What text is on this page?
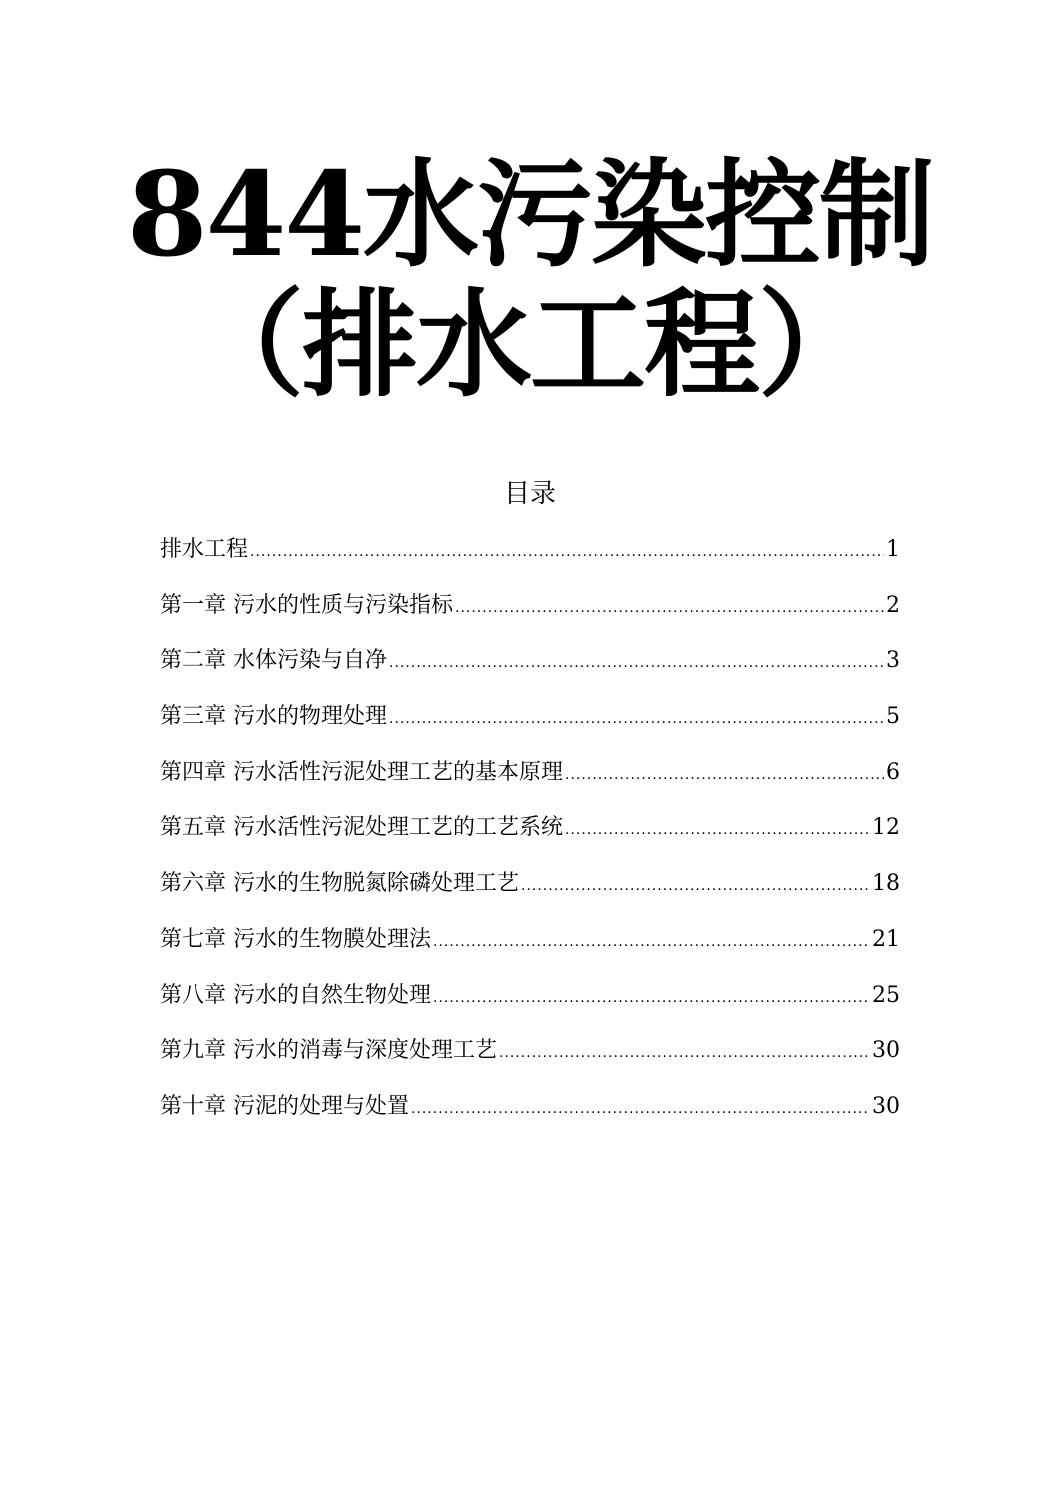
844水污染控制
（排水工程）
目录
排水工程 .....	1
第一章 污水的性质与污染指标 .....	2
第二章 水体污染与自净 .....	3
第三章 污水的物理处理 .....	5
第四章 污水活性污泥处理工艺的基本原理 .....	6
第五章 污水活性污泥处理工艺的工艺系统 .....	12
第六章 污水的生物脱氮除磷处理工艺 .....	18
第七章 污水的生物膜处理法 .....	21
第八章 污水的自然生物处理 .....	25
第九章 污水的消毒与深度处理工艺 .....	30
第十章 污泥的处理与处置 .....	30
